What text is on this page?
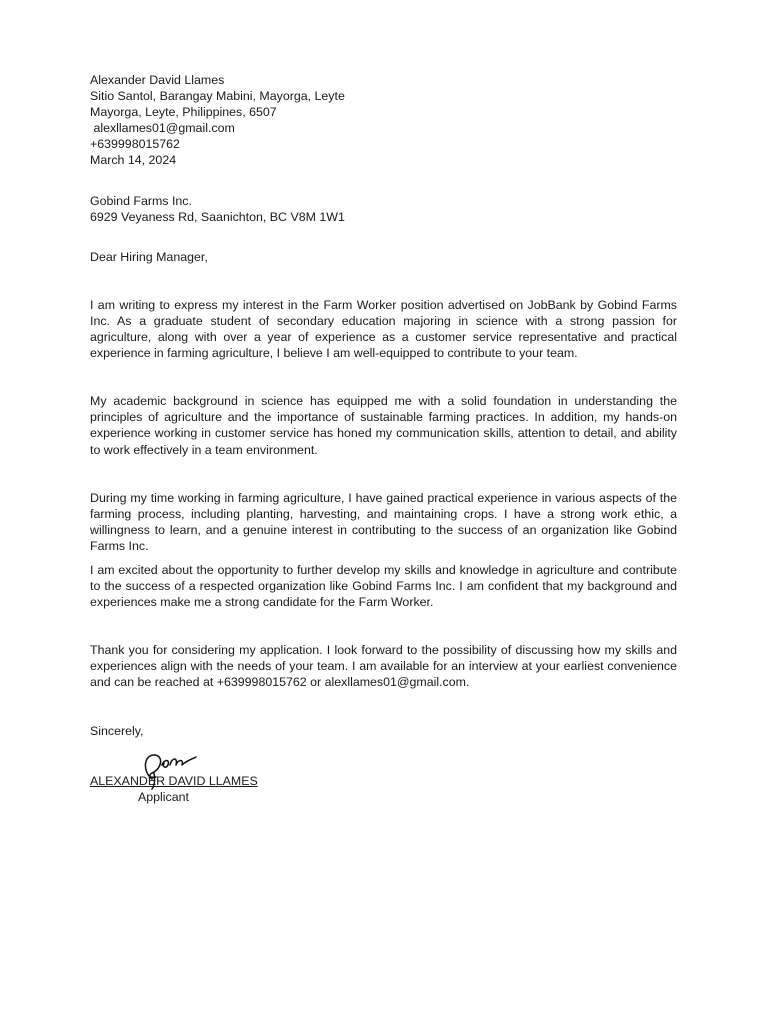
Alexander David Llames
Sitio Santol, Barangay Mabini, Mayorga, Leyte
Mayorga, Leyte, Philippines, 6507
alexllames01@gmail.com
+639998015762
March 14, 2024
Gobind Farms Inc.
6929 Veyaness Rd, Saanichton, BC V8M 1W1
Dear Hiring Manager,

I am writing to express my interest in the Farm Worker position advertised on JobBank by Gobind Farms Inc. As a graduate student of secondary education majoring in science with a strong passion for agriculture, along with over a year of experience as a customer service representative and practical experience in farming agriculture, I believe I am well-equipped to contribute to your team.

My academic background in science has equipped me with a solid foundation in understanding the principles of agriculture and the importance of sustainable farming practices. In addition, my hands-on experience working in customer service has honed my communication skills, attention to detail, and ability to work effectively in a team environment.

During my time working in farming agriculture, I have gained practical experience in various aspects of the farming process, including planting, harvesting, and maintaining crops. I have a strong work ethic, a willingness to learn, and a genuine interest in contributing to the success of an organization like Gobind Farms Inc.

I am excited about the opportunity to further develop my skills and knowledge in agriculture and contribute to the success of a respected organization like Gobind Farms Inc. I am confident that my background and experiences make me a strong candidate for the Farm Worker.

Thank you for considering my application. I look forward to the possibility of discussing how my skills and experiences align with the needs of your team. I am available for an interview at your earliest convenience and can be reached at +639998015762 or alexllames01@gmail.com.

Sincerely,
ALEXANDER DAVID LLAMES
Applicant
